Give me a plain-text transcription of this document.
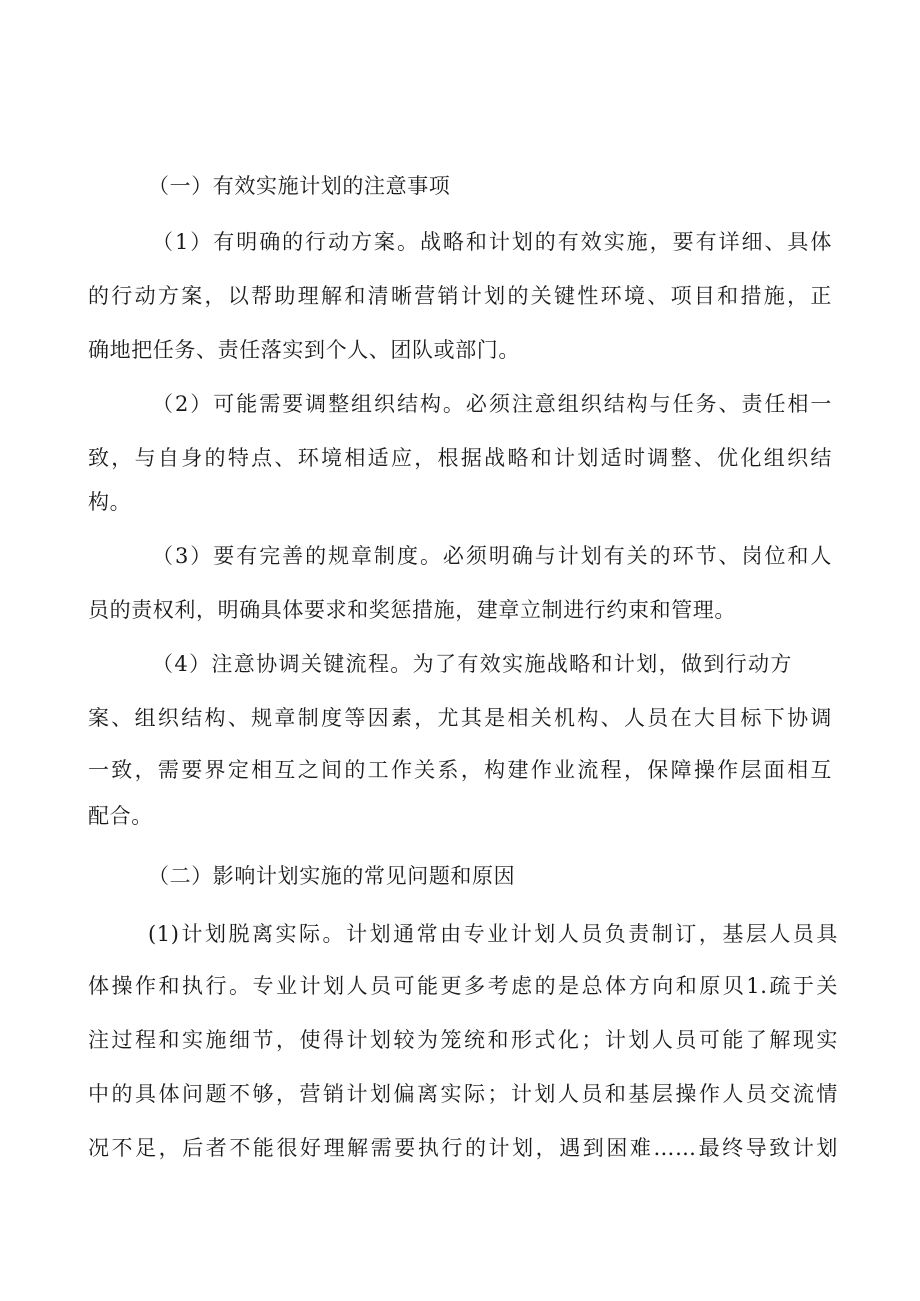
（一）有效实施计划的注意事项
（1）有明确的行动方案。战略和计划的有效实施，要有详细、具体
的行动方案，以帮助理解和清晰营销计划的关键性环境、项目和措施，正
确地把任务、责任落实到个人、团队或部门。
（2）可能需要调整组织结构。必须注意组织结构与任务、责任相一
致，与自身的特点、环境相适应，根据战略和计划适时调整、优化组织结
构。
（3）要有完善的规章制度。必须明确与计划有关的环节、岗位和人
员的责权利，明确具体要求和奖惩措施，建章立制进行约束和管理。
（4）注意协调关键流程。为了有效实施战略和计划，做到行动方
案、组织结构、规章制度等因素，尤其是相关机构、人员在大目标下协调
一致，需要界定相互之间的工作关系，构建作业流程，保障操作层面相互
配合。
（二）影响计划实施的常见问题和原因
(1)计划脱离实际。计划通常由专业计划人员负责制订，基层人员具
体操作和执行。专业计划人员可能更多考虑的是总体方向和原贝1.疏于关
注过程和实施细节，使得计划较为笼统和形式化；计划人员可能了解现实
中的具体问题不够，营销计划偏离实际；计划人员和基层操作人员交流情
况不足，后者不能很好理解需要执行的计划，遇到困难……最终导致计划
